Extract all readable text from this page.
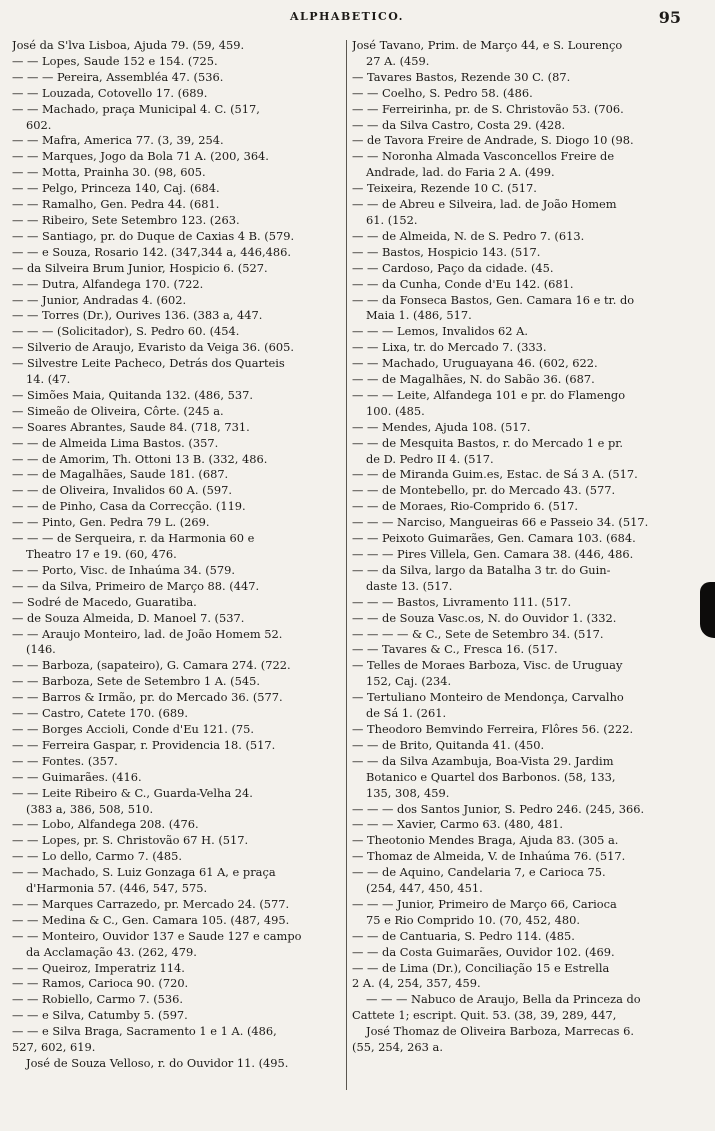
ALPHABETICO.	95

José da S'lva Lisboa, Ajuda 79. (59, 459.

— — Lopes, Saude 152 e 154. (725.

— — — Pereira, Assembléa 47. (536.

— — Louzada, Cotovello 17. (689.

— — Machado, praça Municipal 4. C. (517,

602.

— — Mafra, America 77. (3, 39, 254.

— — Marques, Jogo da Bola 71 A. (200, 364.

— — Motta, Prainha 30. (98, 605.

— — Pelgo, Princeza 140, Caj. (684.

— — Ramalho, Gen. Pedra 44. (681.

— — Ribeiro, Sete Setembro 123. (263.

— — Santiago, pr. do Duque de Caxias 4 B. (579.

— — e Souza, Rosario 142. (347,344 a, 446,486.

— da Silveira Brum Junior, Hospicio 6. (527.

— — Dutra, Alfandega 170. (722.

— — Junior, Andradas 4. (602.

— — Torres (Dr.), Ourives 136. (383 a, 447.

— — — (Solicitador), S. Pedro 60. (454.

— Silverio de Araujo, Evaristo da Veiga 36. (605.

— Silvestre Leite Pacheco, Detrás dos Quarteis

14. (47.

— Simões Maia, Quitanda 132. (486, 537.

— Simeão de Oliveira, Côrte. (245 a.

— Soares Abrantes, Saude 84. (718, 731.

— — de Almeida Lima Bastos. (357.

— — de Amorim, Th. Ottoni 13 B. (332, 486.

— — de Magalhães, Saude 181. (687.

— — de Oliveira, Invalidos 60 A. (597.

— — de Pinho, Casa da Correcção. (119.

— — Pinto, Gen. Pedra 79 L. (269.

— — — de Serqueira, r. da Harmonia 60 e

Theatro 17 e 19. (60, 476.

— — Porto, Visc. de Inhaúma 34. (579.

— — da Silva, Primeiro de Março 88. (447.

— Sodré de Macedo, Guaratiba.

— de Souza Almeida, D. Manoel 7. (537.

— — Araujo Monteiro, lad. de João Homem 52.

(146.

— — Barboza, (sapateiro), G. Camara 274. (722.

— — Barboza, Sete de Setembro 1 A. (545.

— — Barros & Irmão, pr. do Mercado 36. (577.

— — Castro, Catete 170. (689.

— — Borges Accioli, Conde d'Eu 121. (75.

— — Ferreira Gaspar, r. Providencia 18. (517.

— — Fontes. (357.

— — Guimarães. (416.

— — Leite Ribeiro & C., Guarda-Velha 24.

(383 a, 386, 508, 510.

— — Lobo, Alfandega 208. (476.

— — Lopes, pr. S. Christovão 67 H. (517.

— — Lo dello, Carmo 7. (485.

— — Machado, S. Luiz Gonzaga 61 A, e praça

d'Harmonia 57. (446, 547, 575.

— — Marques Carrazedo, pr. Mercado 24. (577.

— — Medina & C., Gen. Camara 105. (487, 495.

— — Monteiro, Ouvidor 137 e Saude 127 e campo

da Acclamação 43. (262, 479.

— — Queiroz, Imperatriz 114.

— — Ramos, Carioca 90. (720.

— — Robiello, Carmo 7. (536.

— — e Silva, Catumby 5. (597.

— — e Silva Braga, Sacramento 1 e 1 A. (486,

527, 602, 619.

José de Souza Velloso, r. do Ouvidor 11. (495.

José Tavano, Prim. de Março 44, e S. Lourenço

27 A. (459.

— Tavares Bastos, Rezende 30 C. (87.

— — Coelho, S. Pedro 58. (486.

— — Ferreirinha, pr. de S. Christovão 53. (706.

— — da Silva Castro, Costa 29. (428.

— de Tavora Freire de Andrade, S. Diogo 10 (98.

— — Noronha Almada Vasconcellos Freire de

Andrade, lad. do Faria 2 A. (499.

— Teixeira, Rezende 10 C. (517.

— — de Abreu e Silveira, lad. de João Homem

61. (152.

— — de Almeida, N. de S. Pedro 7. (613.

— — Bastos, Hospicio 143. (517.

— — Cardoso, Paço da cidade. (45.

— — da Cunha, Conde d'Eu 142. (681.

— — da Fonseca Bastos, Gen. Camara 16 e tr. do

Maia 1. (486, 517.

— — — Lemos, Invalidos 62 A.

— — Lixa, tr. do Mercado 7. (333.

— — Machado, Uruguayana 46. (602, 622.

— — de Magalhães, N. do Sabão 36. (687.

— — — Leite, Alfandega 101 e pr. do Flamengo

100. (485.

— — Mendes, Ajuda 108. (517.

— — de Mesquita Bastos, r. do Mercado 1 e pr.

de D. Pedro II 4. (517.

— — de Miranda Guim.es, Estac. de Sá 3 A. (517.

— — de Montebello, pr. do Mercado 43. (577.

— — de Moraes, Rio-Comprido 6. (517.

— — — Narciso, Mangueiras 66 e Passeio 34. (517.

— — Peixoto Guimarães, Gen. Camara 103. (684.

— — — Pires Villela, Gen. Camara 38. (446, 486.

— — da Silva, largo da Batalha 3 tr. do Guin-

daste 13. (517.

— — — Bastos, Livramento 111. (517.

— — de Souza Vasc.os, N. do Ouvidor 1. (332.

— — — — & C., Sete de Setembro 34. (517.

— — Tavares & C., Fresca 16. (517.

— Telles de Moraes Barboza, Visc. de Uruguay

152, Caj. (234.

— Tertuliano Monteiro de Mendonça, Carvalho

de Sá 1. (261.

— Theodoro Bemvindo Ferreira, Flôres 56. (222.

— — de Brito, Quitanda 41. (450.

— — da Silva Azambuja, Boa-Vista 29. Jardim

Botanico e Quartel dos Barbonos. (58, 133,

135, 308, 459.

— — — dos Santos Junior, S. Pedro 246. (245, 366.

— — — Xavier, Carmo 63. (480, 481.

— Theotonio Mendes Braga, Ajuda 83. (305 a.

— Thomaz de Almeida, V. de Inhaúma 76. (517.

— — de Aquino, Candelaria 7, e Carioca 75.

(254, 447, 450, 451.

— — — Junior, Primeiro de Março 66, Carioca

75 e Rio Comprido 10. (70, 452, 480.

— — de Cantuaria, S. Pedro 114. (485.

— — da Costa Guimarães, Ouvidor 102. (469.

— — de Lima (Dr.), Conciliação 15 e Estrella

2 A. (4, 254, 357, 459.

— — — Nabuco de Araujo, Bella da Princeza do

Cattete 1; escript. Quit. 53. (38, 39, 289, 447,

José Thomaz de Oliveira Barboza, Marrecas 6.

(55, 254, 263 a.
